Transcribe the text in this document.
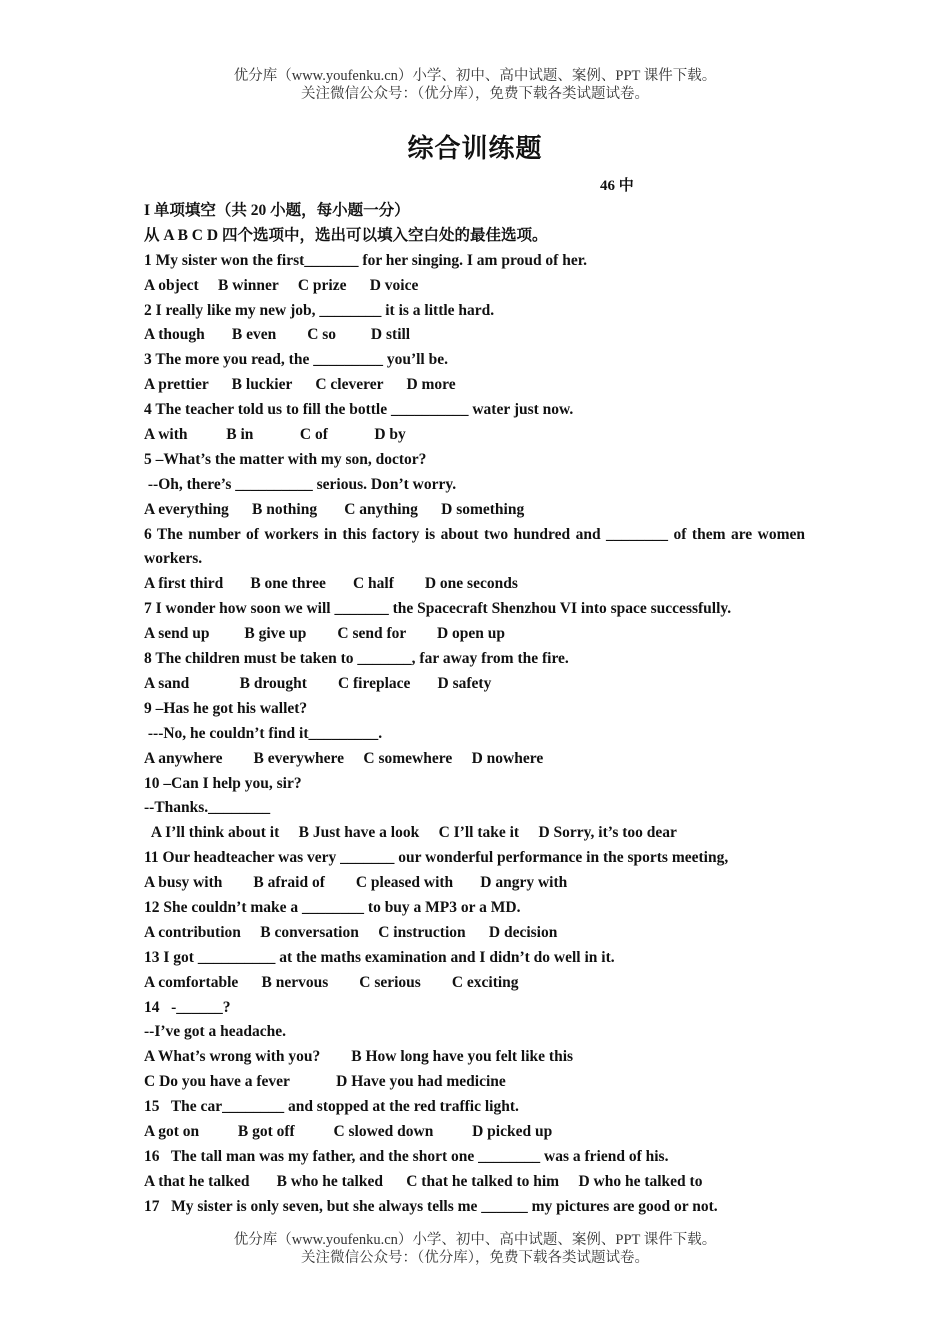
优分库（www.youfenku.cn）小学、初中、高中试题、案例、PPT 课件下载。
关注微信公众号：（优分库），免费下载各类试题试卷。
综合训练题
46 中
I 单项填空（共 20 小题，每小题一分）
从 A B C D 四个选项中，选出可以填入空白处的最佳选项。
1 My sister won the first_______ for her singing. I am proud of her.
A object     B winner     C prize      D voice
2 I really like my new job, ________ it is a little hard.
A though       B even        C so         D still
3 The more you read, the _________ you’ll be.
A prettier      B luckier      C cleverer      D more
4 The teacher told us to fill the bottle __________ water just now.
A with          B in            C of            D by
5 –What’s the matter with my son, doctor?
--Oh, there’s __________ serious. Don’t worry.
A everything      B nothing       C anything      D something
6 The number of workers in this factory is about two hundred and ________ of them are women workers.
A first third       B one three       C half        D one seconds
7 I wonder how soon we will _______ the Spacecraft Shenzhou VI into space successfully.
A send up         B give up        C send for        D open up
8 The children must be taken to _______, far away from the fire.
A sand             B drought        C fireplace       D safety
9 –Has he got his wallet?
---No, he couldn’t find it_________.
A anywhere        B everywhere     C somewhere     D nowhere
10 –Can I help you, sir?
--Thanks.________
A I’ll think about it     B Just have a look     C I’ll take it     D Sorry, it’s too dear
11 Our headteacher was very _______ our wonderful performance in the sports meeting,
A busy with        B afraid of        C pleased with       D angry with
12 She couldn’t make a ________ to buy a MP3 or a MD.
A contribution     B conversation     C instruction      D decision
13 I got __________ at the maths examination and I didn’t do well in it.
A comfortable      B nervous        C serious        C exciting
14   -______?
--I’ve got a headache.
A What’s wrong with you?        B How long have you felt like this
C Do you have a fever            D Have you had medicine
15   The car________ and stopped at the red traffic light.
A got on          B got off          C slowed down          D picked up
16   The tall man was my father, and the short one ________ was a friend of his.
A that he talked       B who he talked      C that he talked to him     D who he talked to
17   My sister is only seven, but she always tells me ______ my pictures are good or not.
优分库（www.youfenku.cn）小学、初中、高中试题、案例、PPT 课件下载。
关注微信公众号：（优分库），免费下载各类试题试卷。
